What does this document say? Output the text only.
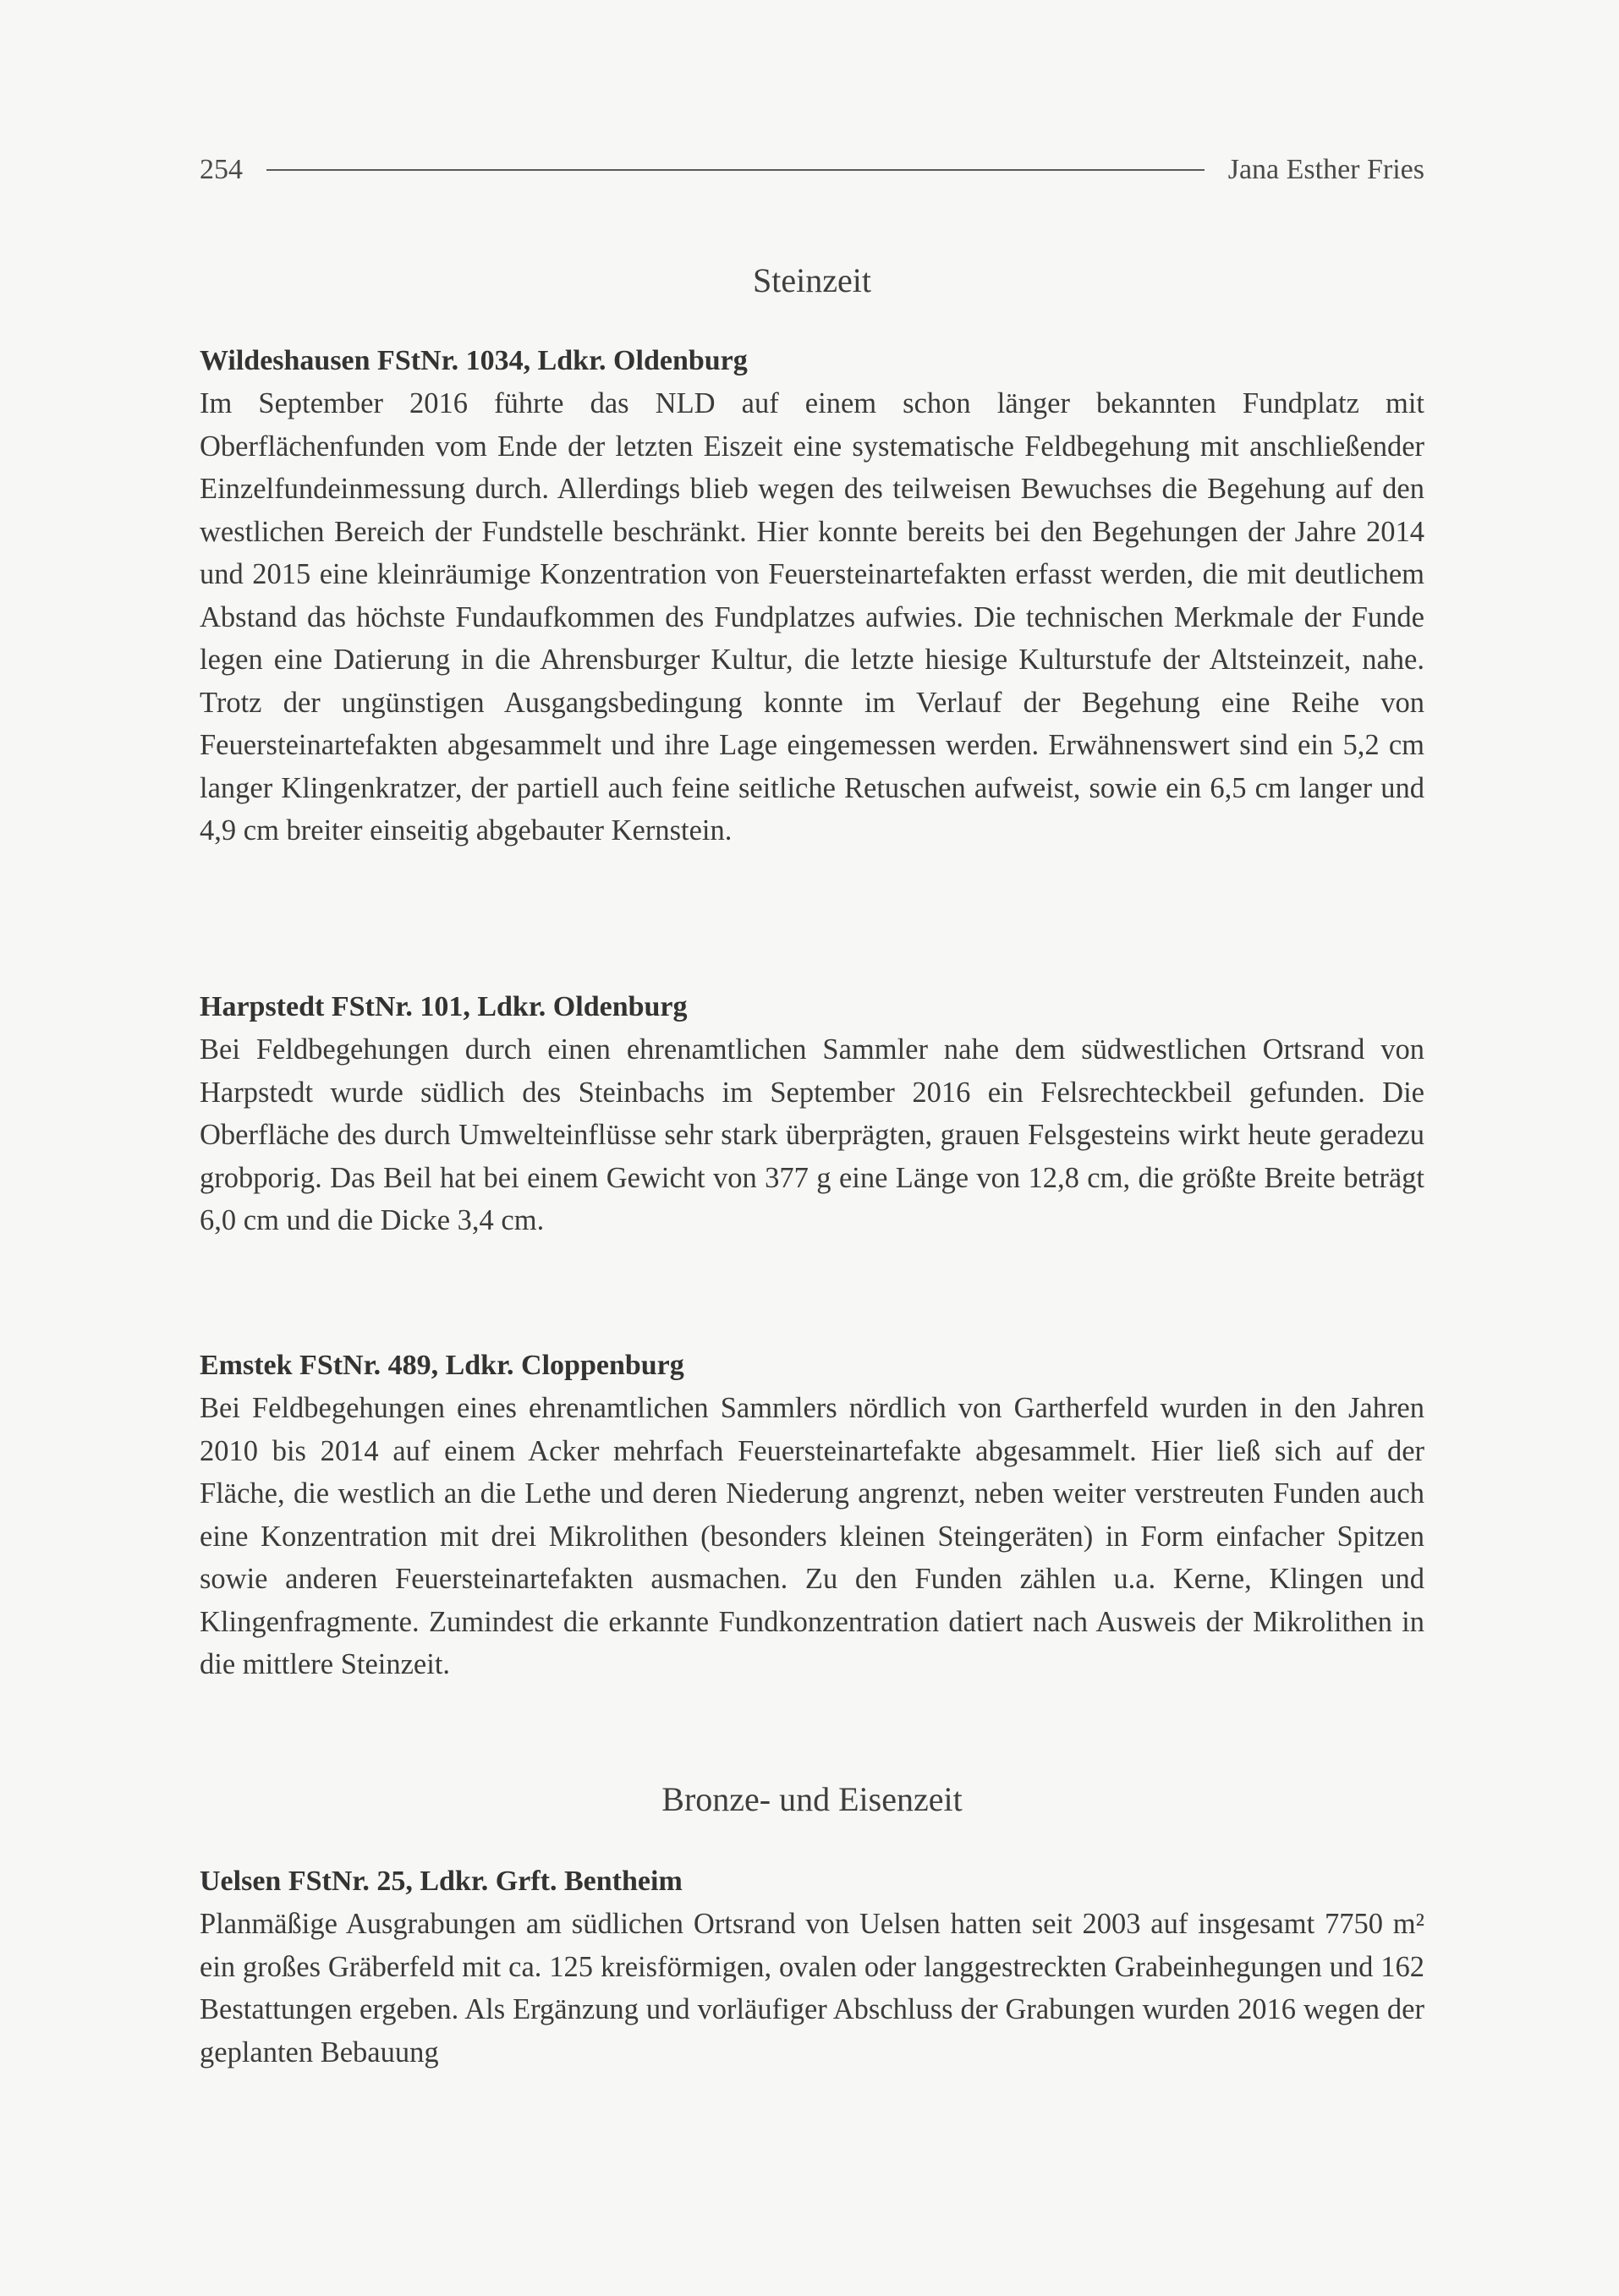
254	Jana Esther Fries
Steinzeit
Wildeshausen FStNr. 1034, Ldkr. Oldenburg

Im September 2016 führte das NLD auf einem schon länger bekannten Fundplatz mit Oberflächenfunden vom Ende der letzten Eiszeit eine systematische Feldbegehung mit anschließender Einzelfundeinmessung durch. Allerdings blieb wegen des teilweisen Bewuchses die Begehung auf den westlichen Bereich der Fundstelle beschränkt. Hier konnte bereits bei den Begehungen der Jahre 2014 und 2015 eine kleinräumige Konzentration von Feuersteinartefakten erfasst werden, die mit deutlichem Abstand das höchste Fundaufkommen des Fundplatzes aufwies. Die technischen Merkmale der Funde legen eine Datierung in die Ahrensburger Kultur, die letzte hiesige Kulturstufe der Altsteinzeit, nahe. Trotz der ungünstigen Ausgangsbedingung konnte im Verlauf der Begehung eine Reihe von Feuersteinartefakten abgesammelt und ihre Lage eingemessen werden. Erwähnenswert sind ein 5,2 cm langer Klingenkratzer, der partiell auch feine seitliche Retuschen aufweist, sowie ein 6,5 cm langer und 4,9 cm breiter einseitig abgebauter Kernstein.

Harpstedt FStNr. 101, Ldkr. Oldenburg

Bei Feldbegehungen durch einen ehrenamtlichen Sammler nahe dem südwestlichen Ortsrand von Harpstedt wurde südlich des Steinbachs im September 2016 ein Felsrechteckbeil gefunden. Die Oberfläche des durch Umwelteinflüsse sehr stark überprägten, grauen Felsgesteins wirkt heute geradezu grobporig. Das Beil hat bei einem Gewicht von 377 g eine Länge von 12,8 cm, die größte Breite beträgt 6,0 cm und die Dicke 3,4 cm.

Emstek FStNr. 489, Ldkr. Cloppenburg

Bei Feldbegehungen eines ehrenamtlichen Sammlers nördlich von Gartherfeld wurden in den Jahren 2010 bis 2014 auf einem Acker mehrfach Feuersteinartefakte abgesammelt. Hier ließ sich auf der Fläche, die westlich an die Lethe und deren Niederung angrenzt, neben weiter verstreuten Funden auch eine Konzentration mit drei Mikrolithen (besonders kleinen Steingeräten) in Form einfacher Spitzen sowie anderen Feuersteinartefakten ausmachen. Zu den Funden zählen u.a. Kerne, Klingen und Klingenfragmente. Zumindest die erkannte Fundkonzentration datiert nach Ausweis der Mikrolithen in die mittlere Steinzeit.

Bronze- und Eisenzeit
Uelsen FStNr. 25, Ldkr. Grft. Bentheim

Planmäßige Ausgrabungen am südlichen Ortsrand von Uelsen hatten seit 2003 auf insgesamt 7750 m² ein großes Gräberfeld mit ca. 125 kreisförmigen, ovalen oder langgestreckten Grabeinhegungen und 162 Bestattungen ergeben. Als Ergänzung und vorläufiger Abschluss der Grabungen wurden 2016 wegen der geplanten Bebauung
